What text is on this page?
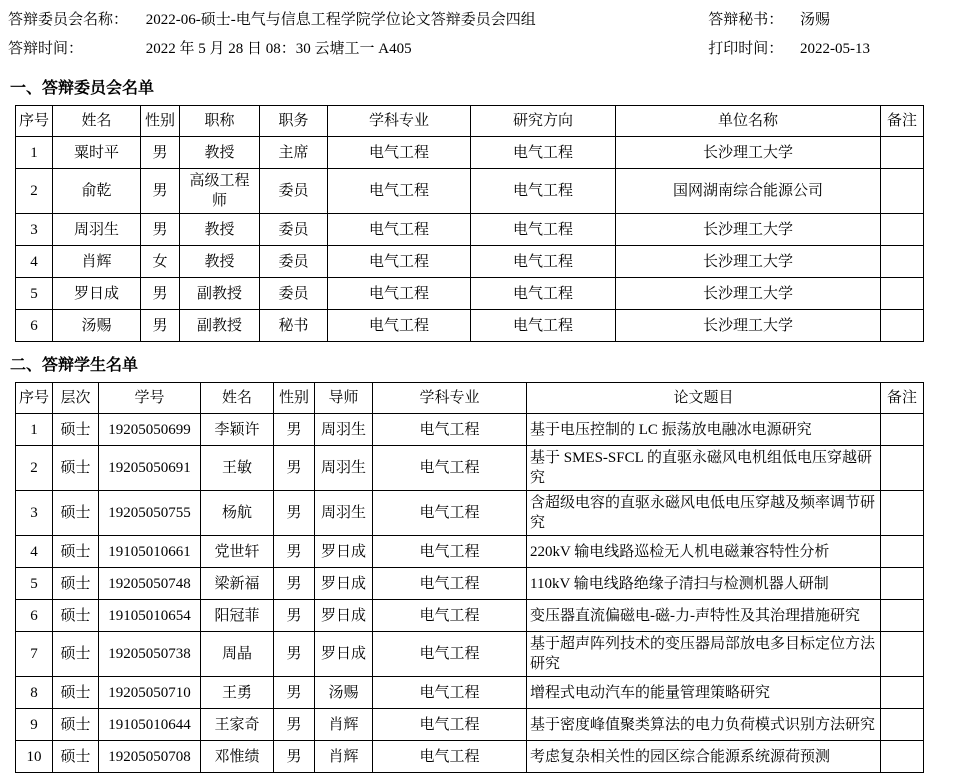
答辩委员会名称： 2022-06-硕士-电气与信息工程学院学位论文答辩委员会四组
答辩时间：	2022 年 5 月 28 日 08：30 云塘工一 A405
答辩秘书： 汤赐
打印时间： 2022-05-13
一、答辩委员会名单
序号	姓名	性别	职称	职务	学科专业	研究方向	单位名称	备注
1	粟时平	男	教授	主席	电气工程	电气工程	长沙理工大学	
2	俞乾	男	高级工程师	委员	电气工程	电气工程	国网湖南综合能源公司	
3	周羽生	男	教授	委员	电气工程	电气工程	长沙理工大学	
4	肖辉	女	教授	委员	电气工程	电气工程	长沙理工大学	
5	罗日成	男	副教授	委员	电气工程	电气工程	长沙理工大学	
6	汤赐	男	副教授	秘书	电气工程	电气工程	长沙理工大学	
二、答辩学生名单
序号	层次	学号	姓名	性别	导师	学科专业	论文题目	备注
1	硕士	19205050699	李颖许	男	周羽生	电气工程	基于电压控制的 LC 振荡放电融冰电源研究	
2	硕士	19205050691	王敏	男	周羽生	电气工程	基于 SMES-SFCL 的直驱永磁风电机组低电压穿越研究	
3	硕士	19205050755	杨航	男	周羽生	电气工程	含超级电容的直驱永磁风电低电压穿越及频率调节研究	
4	硕士	19105010661	党世轩	男	罗日成	电气工程	220kV 输电线路巡检无人机电磁兼容特性分析	
5	硕士	19205050748	梁新福	男	罗日成	电气工程	110kV 输电线路绝缘子清扫与检测机器人研制	
6	硕士	19105010654	阳冠菲	男	罗日成	电气工程	变压器直流偏磁电-磁-力-声特性及其治理措施研究	
7	硕士	19205050738	周晶	男	罗日成	电气工程	基于超声阵列技术的变压器局部放电多目标定位方法研究	
8	硕士	19205050710	王勇	男	汤赐	电气工程	增程式电动汽车的能量管理策略研究	
9	硕士	19105010644	王家奇	男	肖辉	电气工程	基于密度峰值聚类算法的电力负荷模式识别方法研究	
10	硕士	19205050708	邓惟绩	男	肖辉	电气工程	考虑复杂相关性的园区综合能源系统源荷预测	
